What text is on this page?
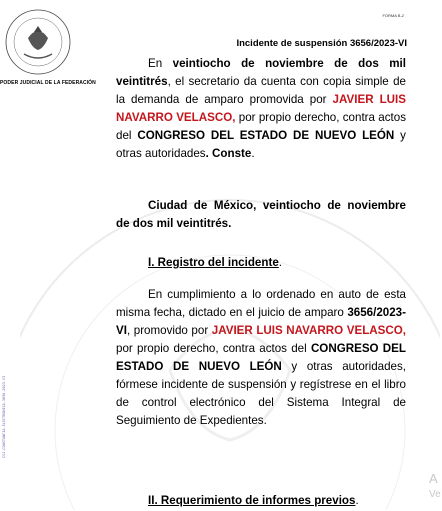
PODER JUDICIAL DE LA FEDERACIÓN
FORMA B-2
Incidente de suspensión 3656/2023-VI
CSJ-CONSTANCIA-ELECTRONICA-3656-2023-VI

En veintiocho de noviembre de dos mil veintitrés, el secretario da cuenta con copia simple de la demanda de amparo promovida por JAVIER LUIS NAVARRO VELASCO, por propio derecho, contra actos del CONGRESO DEL ESTADO DE NUEVO LEÓN y otras autoridades. Conste.

Ciudad de México, veintiocho de noviembre de dos mil veintitrés.

I. Registro del incidente.

En cumplimiento a lo ordenado en auto de esta misma fecha, dictado en el juicio de amparo 3656/2023-VI, promovido por JAVIER LUIS NAVARRO VELASCO, por propio derecho, contra actos del CONGRESO DEL ESTADO DE NUEVO LEÓN y otras autoridades, fórmese incidente de suspensión y regístrese en el libro de control electrónico del Sistema Integral de Seguimiento de Expedientes.

II. Requerimiento de informes previos.

A
Ve
